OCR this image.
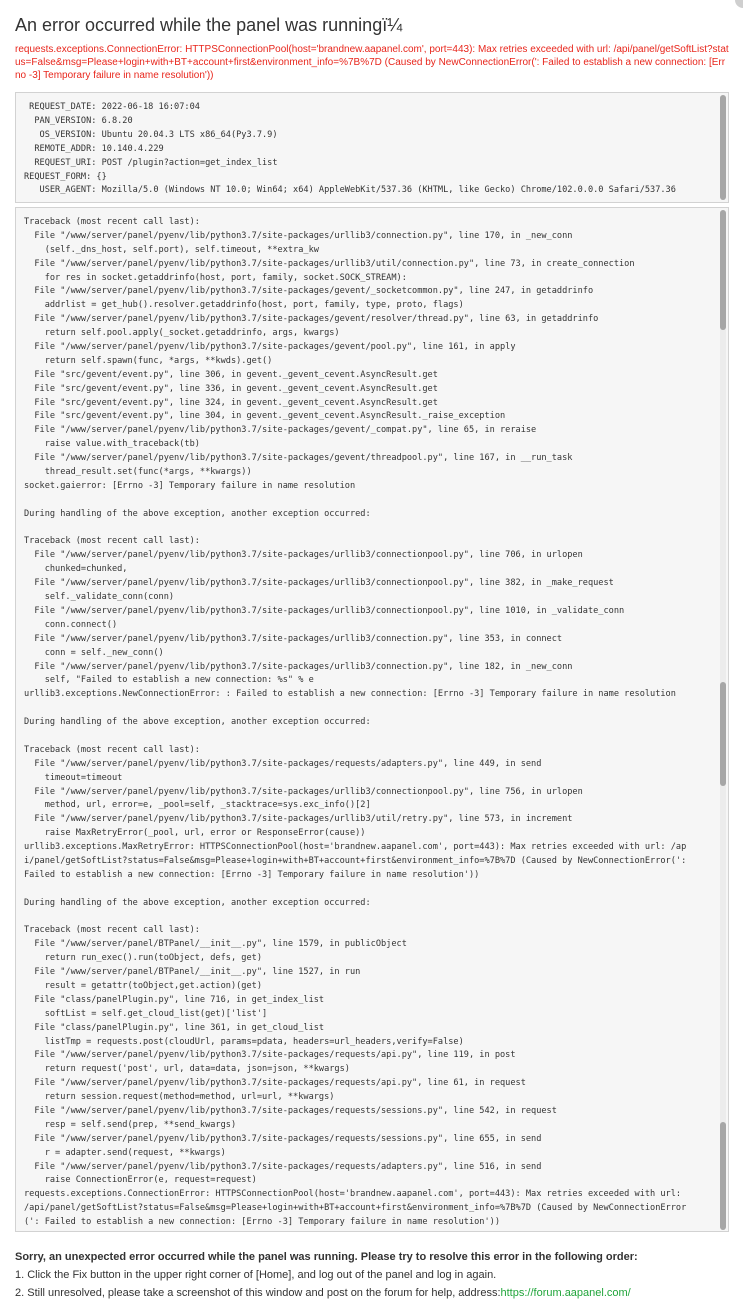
An error occurred while the panel was runningï¼
requests.exceptions.ConnectionError: HTTPSConnectionPool(host='brandnew.aapanel.com', port=443): Max retries exceeded with url: /api/panel/getSoftList?status=False&msg=Please+login+with+BT+account+first&environment_info=%7B%7D (Caused by NewConnectionError(': Failed to establish a new connection: [Errno -3] Temporary failure in name resolution'))
REQUEST_DATE: 2022-06-18 16:07:04
PAN_VERSION: 6.8.20
OS_VERSION: Ubuntu 20.04.3 LTS x86_64(Py3.7.9)
REMOTE_ADDR: 10.140.4.229
REQUEST_URI: POST /plugin?action=get_index_list
REQUEST_FORM: {}
USER_AGENT: Mozilla/5.0 (Windows NT 10.0; Win64; x64) AppleWebKit/537.36 (KHTML, like Gecko) Chrome/102.0.0.0 Safari/537.36
Traceback (most recent call last):
File "/www/server/panel/pyenv/lib/python3.7/site-packages/urllib3/connection.py", line 170, in _new_conn
(self._dns_host, self.port), self.timeout, **extra_kw
File "/www/server/panel/pyenv/lib/python3.7/site-packages/urllib3/util/connection.py", line 73, in create_connection
for res in socket.getaddrinfo(host, port, family, socket.SOCK_STREAM):
File "/www/server/panel/pyenv/lib/python3.7/site-packages/gevent/_socketcommon.py", line 247, in getaddrinfo
addrlist = get_hub().resolver.getaddrinfo(host, port, family, type, proto, flags)
File "/www/server/panel/pyenv/lib/python3.7/site-packages/gevent/resolver/thread.py", line 63, in getaddrinfo
return self.pool.apply(_socket.getaddrinfo, args, kwargs)
File "/www/server/panel/pyenv/lib/python3.7/site-packages/gevent/pool.py", line 161, in apply
return self.spawn(func, *args, **kwds).get()
File "src/gevent/event.py", line 306, in gevent._gevent_cevent.AsyncResult.get
File "src/gevent/event.py", line 336, in gevent._gevent_cevent.AsyncResult.get
File "src/gevent/event.py", line 324, in gevent._gevent_cevent.AsyncResult.get
File "src/gevent/event.py", line 304, in gevent._gevent_cevent.AsyncResult._raise_exception
File "/www/server/panel/pyenv/lib/python3.7/site-packages/gevent/_compat.py", line 65, in reraise
raise value.with_traceback(tb)
File "/www/server/panel/pyenv/lib/python3.7/site-packages/gevent/threadpool.py", line 167, in __run_task
thread_result.set(func(*args, **kwargs))
socket.gaierror: [Errno -3] Temporary failure in name resolution

During handling of the above exception, another exception occurred:

Traceback (most recent call last):
File "/www/server/panel/pyenv/lib/python3.7/site-packages/urllib3/connectionpool.py", line 706, in urlopen
chunked=chunked,
File "/www/server/panel/pyenv/lib/python3.7/site-packages/urllib3/connectionpool.py", line 382, in _make_request
self._validate_conn(conn)
File "/www/server/panel/pyenv/lib/python3.7/site-packages/urllib3/connectionpool.py", line 1010, in _validate_conn
conn.connect()
File "/www/server/panel/pyenv/lib/python3.7/site-packages/urllib3/connection.py", line 353, in connect
conn = self._new_conn()
File "/www/server/panel/pyenv/lib/python3.7/site-packages/urllib3/connection.py", line 182, in _new_conn
self, "Failed to establish a new connection: %s" % e
urllib3.exceptions.NewConnectionError: : Failed to establish a new connection: [Errno -3] Temporary failure in name resolution

During handling of the above exception, another exception occurred:

Traceback (most recent call last):
File "/www/server/panel/pyenv/lib/python3.7/site-packages/requests/adapters.py", line 449, in send
timeout=timeout
File "/www/server/panel/pyenv/lib/python3.7/site-packages/urllib3/connectionpool.py", line 756, in urlopen
method, url, error=e, _pool=self, _stacktrace=sys.exc_info()[2]
File "/www/server/panel/pyenv/lib/python3.7/site-packages/urllib3/util/retry.py", line 573, in increment
raise MaxRetryError(_pool, url, error or ResponseError(cause))
urllib3.exceptions.MaxRetryError: HTTPSConnectionPool(host='brandnew.aapanel.com', port=443): Max retries exceeded with url: /ap
i/panel/getSoftList?status=False&msg=Please+login+with+BT+account+first&environment_info=%7B%7D (Caused by NewConnectionError(':
Failed to establish a new connection: [Errno -3] Temporary failure in name resolution'))

During handling of the above exception, another exception occurred:

Traceback (most recent call last):
File "/www/server/panel/BTPanel/__init__.py", line 1579, in publicObject
return run_exec().run(toObject, defs, get)
File "/www/server/panel/BTPanel/__init__.py", line 1527, in run
result = getattr(toObject,get.action)(get)
File "class/panelPlugin.py", line 716, in get_index_list
softList = self.get_cloud_list(get)['list']
File "class/panelPlugin.py", line 361, in get_cloud_list
listTmp = requests.post(cloudUrl, params=pdata, headers=url_headers,verify=False)
File "/www/server/panel/pyenv/lib/python3.7/site-packages/requests/api.py", line 119, in post
return request('post', url, data=data, json=json, **kwargs)
File "/www/server/panel/pyenv/lib/python3.7/site-packages/requests/api.py", line 61, in request
return session.request(method=method, url=url, **kwargs)
File "/www/server/panel/pyenv/lib/python3.7/site-packages/requests/sessions.py", line 542, in request
resp = self.send(prep, **send_kwargs)
File "/www/server/panel/pyenv/lib/python3.7/site-packages/requests/sessions.py", line 655, in send
r = adapter.send(request, **kwargs)
File "/www/server/panel/pyenv/lib/python3.7/site-packages/requests/adapters.py", line 516, in send
raise ConnectionError(e, request=request)
requests.exceptions.ConnectionError: HTTPSConnectionPool(host='brandnew.aapanel.com', port=443): Max retries exceeded with url:
/api/panel/getSoftList?status=False&msg=Please+login+with+BT+account+first&environment_info=%7B%7D (Caused by NewConnectionError
(': Failed to establish a new connection: [Errno -3] Temporary failure in name resolution'))
Sorry, an unexpected error occurred while the panel was running. Please try to resolve this error in the following order:
1. Click the Fix button in the upper right corner of [Home], and log out of the panel and log in again.
2. Still unresolved, please take a screenshot of this window and post on the forum for help, address:https://forum.aapanel.com/
